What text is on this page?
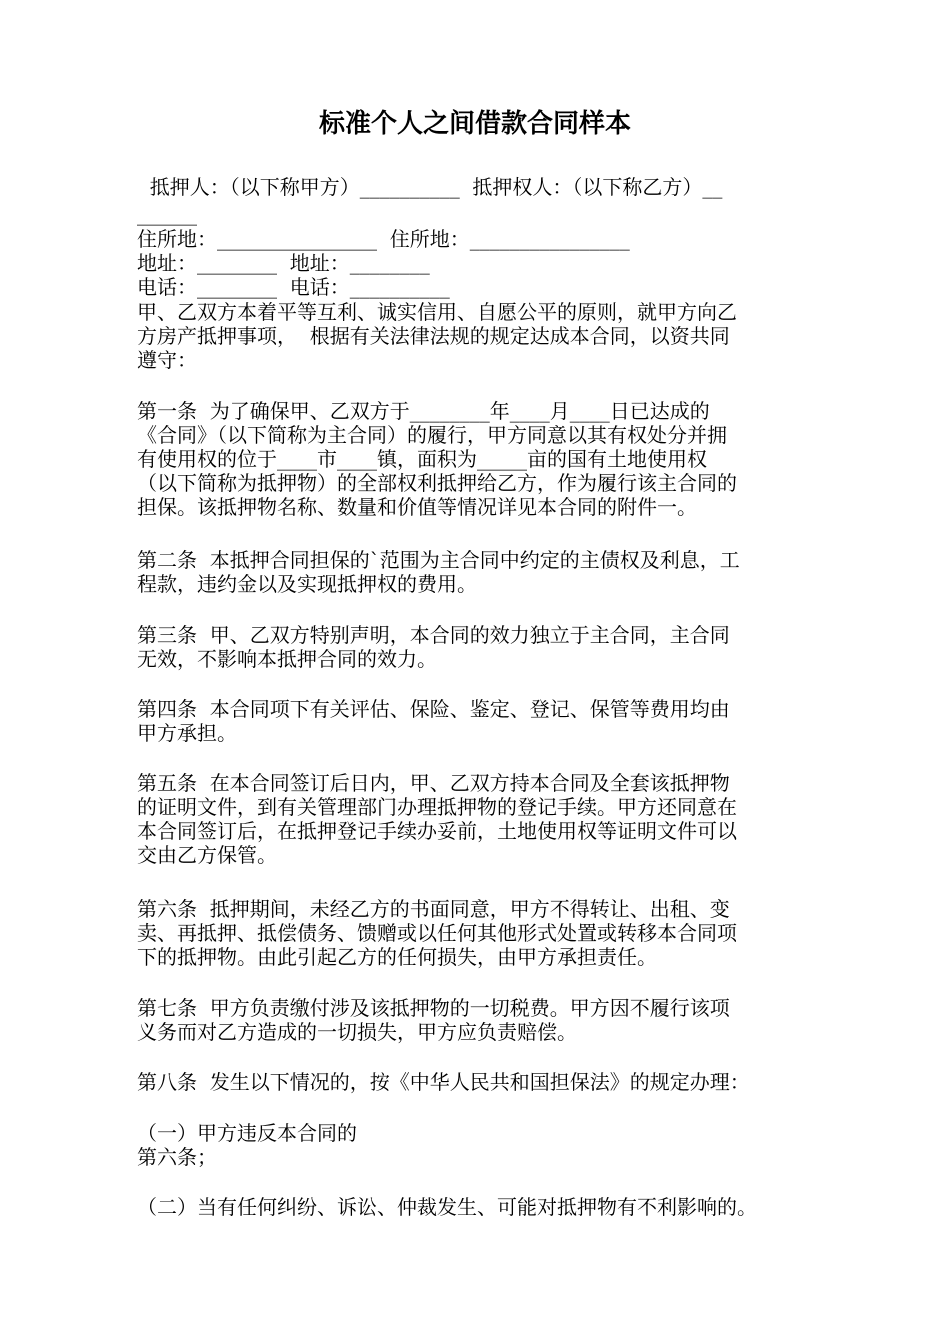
标准个人之间借款合同样本
抵押人：（以下称甲方）__________  抵押权人：（以下称乙方）__
______
住所地：________________  住所地：________________
地址：________  地址：________
电话：________  电话：__________
甲、乙双方本着平等互利、诚实信用、自愿公平的原则，就甲方向乙
方房产抵押事项，  根据有关法律法规的规定达成本合同，以资共同
遵守：
第一条  为了确保甲、乙双方于________年____月____日已达成的
《合同》（以下简称为主合同）的履行，甲方同意以其有权处分并拥
有使用权的位于____市____镇，面积为_____亩的国有土地使用权
（以下简称为抵押物）的全部权利抵押给乙方，作为履行该主合同的
担保。该抵押物名称、数量和价值等情况详见本合同的附件一。
第二条  本抵押合同担保的`范围为主合同中约定的主债权及利息，工
程款，违约金以及实现抵押权的费用。
第三条  甲、乙双方特别声明，本合同的效力独立于主合同，主合同
无效，不影响本抵押合同的效力。
第四条  本合同项下有关评估、保险、鉴定、登记、保管等费用均由
甲方承担。
第五条  在本合同签订后日内，甲、乙双方持本合同及全套该抵押物
的证明文件，到有关管理部门办理抵押物的登记手续。甲方还同意在
本合同签订后，在抵押登记手续办妥前，土地使用权等证明文件可以
交由乙方保管。
第六条  抵押期间，未经乙方的书面同意，甲方不得转让、出租、变
卖、再抵押、抵偿债务、馈赠或以任何其他形式处置或转移本合同项
下的抵押物。由此引起乙方的任何损失，由甲方承担责任。
第七条  甲方负责缴付涉及该抵押物的一切税费。甲方因不履行该项
义务而对乙方造成的一切损失，甲方应负责赔偿。
第八条  发生以下情况的，按《中华人民共和国担保法》的规定办理：
（一）甲方违反本合同的
第六条；
（二）当有任何纠纷、诉讼、仲裁发生、可能对抵押物有不利影响的。
